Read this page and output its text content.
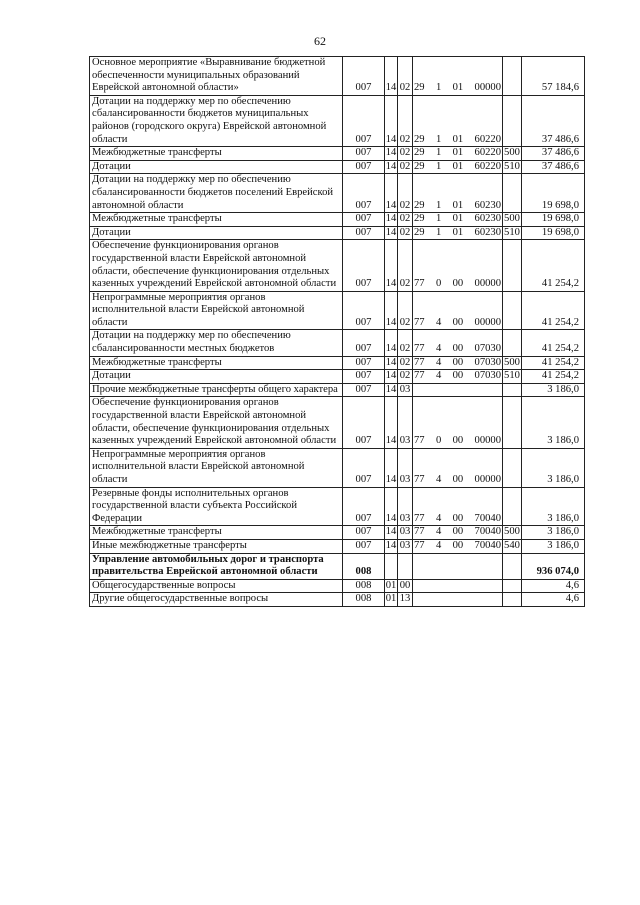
62
Основное мероприятие «Выравнивание бюджетной обеспеченности муниципальных образований Еврейской автономной области»	007	14	02	29 1 01 00000		57 184,6
Дотации на поддержку мер по обеспечению сбалансированности бюджетов муниципальных районов (городского округа) Еврейской автономной области	007	14	02	29 1 01 60220		37 486,6
Межбюджетные трансферты	007	14	02	29 1 01 60220	500	37 486,6
Дотации	007	14	02	29 1 01 60220	510	37 486,6
Дотации на поддержку мер по обеспечению сбалансированности бюджетов поселений Еврейской автономной области	007	14	02	29 1 01 60230		19 698,0
Межбюджетные трансферты	007	14	02	29 1 01 60230	500	19 698,0
Дотации	007	14	02	29 1 01 60230	510	19 698,0
Обеспечение функционирования органов государственной власти Еврейской автономной области, обеспечение функционирования отдельных казенных учреждений Еврейской автономной области	007	14	02	77 0 00 00000		41 254,2
Непрограммные мероприятия органов исполнительной власти Еврейской автономной области	007	14	02	77 4 00 00000		41 254,2
Дотации на поддержку мер по обеспечению сбалансированности местных бюджетов	007	14	02	77 4 00 07030		41 254,2
Межбюджетные трансферты	007	14	02	77 4 00 07030	500	41 254,2
Дотации	007	14	02	77 4 00 07030	510	41 254,2
Прочие межбюджетные трансферты общего характера	007	14	03			3 186,0
Обеспечение функционирования органов государственной власти Еврейской автономной области, обеспечение функционирования отдельных казенных учреждений Еврейской автономной области	007	14	03	77 0 00 00000		3 186,0
Непрограммные мероприятия органов исполнительной власти Еврейской автономной области	007	14	03	77 4 00 00000		3 186,0
Резервные фонды исполнительных органов государственной власти субъекта Российской Федерации	007	14	03	77 4 00 70040		3 186,0
Межбюджетные трансферты	007	14	03	77 4 00 70040	500	3 186,0
Иные межбюджетные трансферты	007	14	03	77 4 00 70040	540	3 186,0
Управление автомобильных дорог и транспорта правительства Еврейской автономной области	008					936 074,0
Общегосударственные вопросы	008	01	00			4,6
Другие общегосударственные вопросы	008	01	13			4,6
